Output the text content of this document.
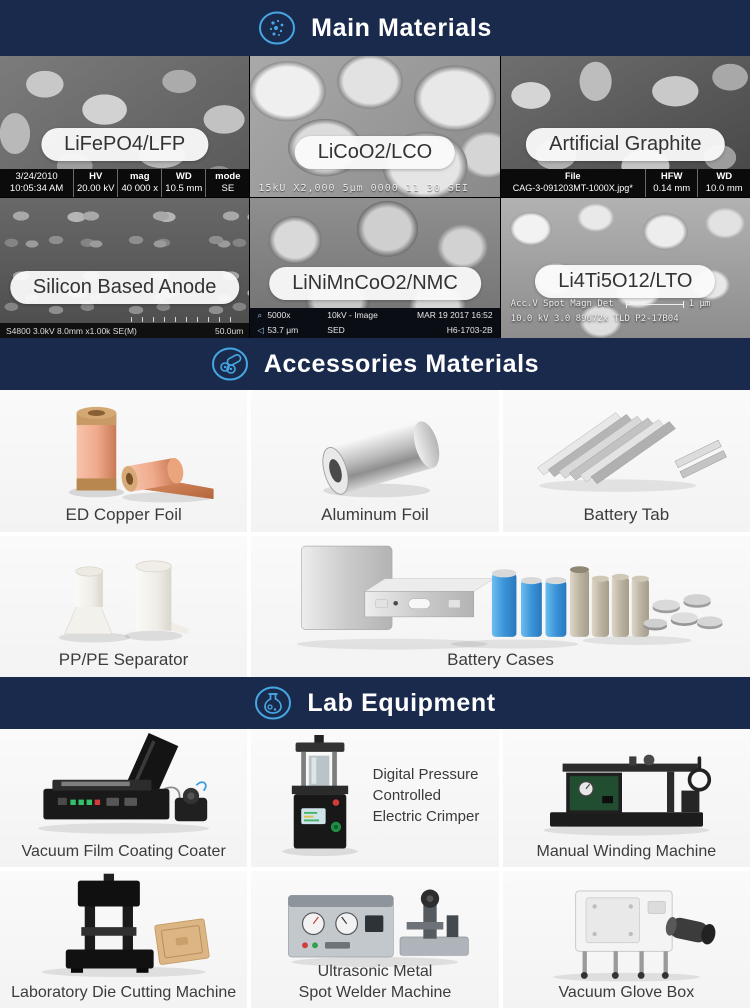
Main Materials
LiFePO4/LFP
3/24/2010
10:05:34 AM
HV
20.00 kV
mag
40 000 x
WD
10.5 mm
mode
SE
LiCoO2/LCO
15kU X2,000 5μm 0000 11 30 SEI
Artificial Graphite
File
CAG-3-091203MT-1000X.jpg*
HFW
0.14 mm
WD
10.0 mm
Silicon Based Anode
S4800 3.0kV 8.0mm x1.00k SE(M)	50.0um
LiNiMnCoO2/NMC
⌕ 5000x	10kV - Image	MAR 19 2017 16:52
◁ 53.7 μm	SED	H6-1703-2B
Li4Ti5O12/LTO
Acc.V Spot Magn Det	1 μm
10.0 kV 3.0 89672x TLD P2-17B04
Accessories Materials
ED Copper Foil	Aluminum Foil	Battery Tab
PP/PE Separator	Battery Cases
Lab Equipment
Vacuum Film Coating Coater
Digital Pressure
Controlled
Electric Crimper
Manual Winding Machine
Laboratory Die Cutting Machine
Ultrasonic Metal
Spot Welder Machine	Vacuum Glove Box
